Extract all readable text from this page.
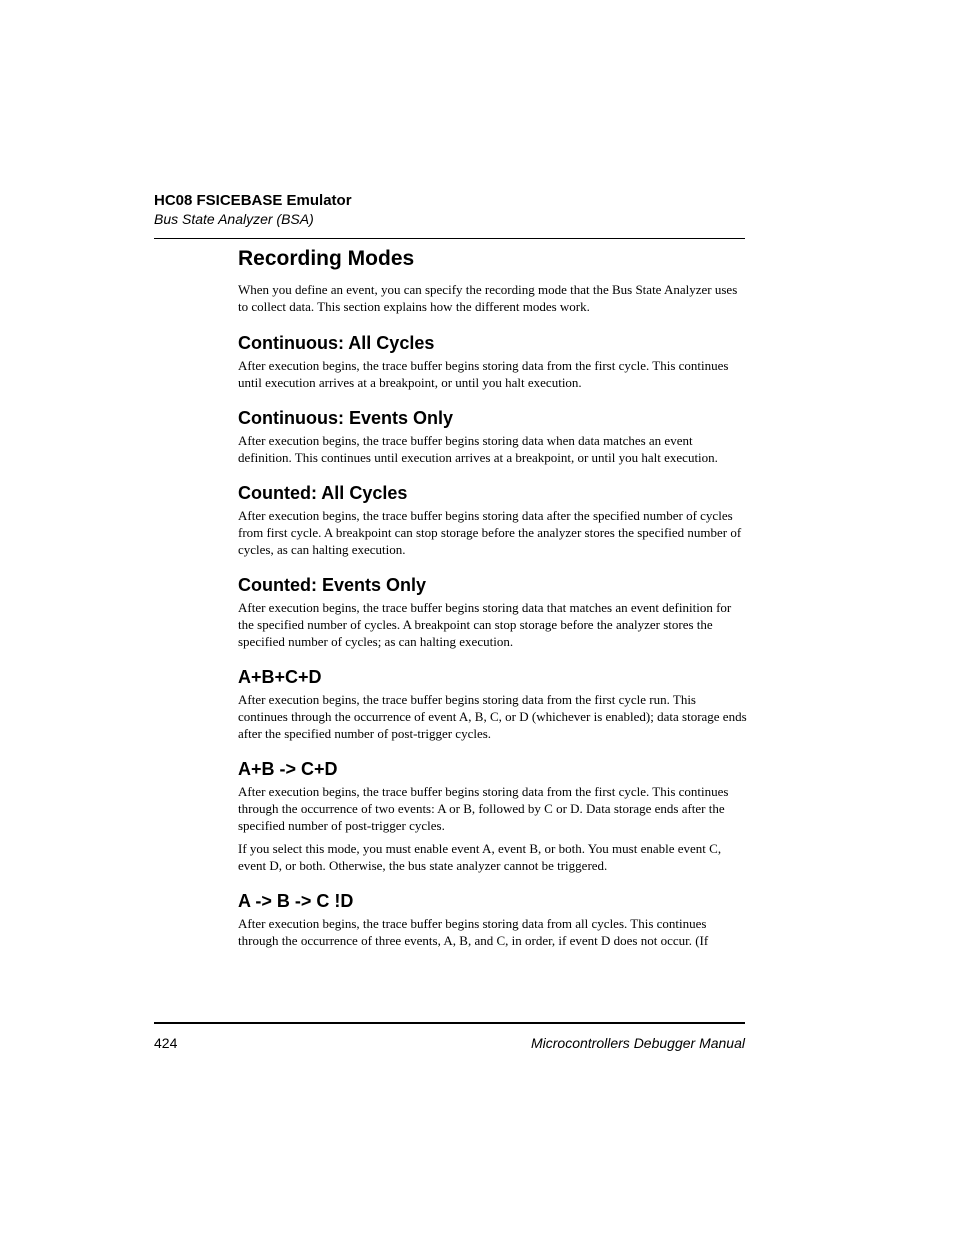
HC08 FSICEBASE Emulator
Bus State Analyzer (BSA)
Recording Modes

When you define an event, you can specify the recording mode that the Bus State Analyzer uses to collect data. This section explains how the different modes work.

Continuous: All Cycles

After execution begins, the trace buffer begins storing data from the first cycle. This continues until execution arrives at a breakpoint, or until you halt execution.

Continuous: Events Only

After execution begins, the trace buffer begins storing data when data matches an event definition. This continues until execution arrives at a breakpoint, or until you halt execution.

Counted: All Cycles

After execution begins, the trace buffer begins storing data after the specified number of cycles from first cycle. A breakpoint can stop storage before the analyzer stores the specified number of cycles, as can halting execution.

Counted: Events Only

After execution begins, the trace buffer begins storing data that matches an event definition for the specified number of cycles. A breakpoint can stop storage before the analyzer stores the specified number of cycles; as can halting execution.

A+B+C+D

After execution begins, the trace buffer begins storing data from the first cycle run. This continues through the occurrence of event A, B, C, or D (whichever is enabled); data storage ends after the specified number of post-trigger cycles.

A+B -> C+D

After execution begins, the trace buffer begins storing data from the first cycle. This continues through the occurrence of two events: A or B, followed by C or D. Data storage ends after the specified number of post-trigger cycles.

If you select this mode, you must enable event A, event B, or both. You must enable event C, event D, or both. Otherwise, the bus state analyzer cannot be triggered.

A -> B -> C !D

After execution begins, the trace buffer begins storing data from all cycles. This continues through the occurrence of three events, A, B, and C, in order, if event D does not occur. (If

424	Microcontrollers Debugger Manual
